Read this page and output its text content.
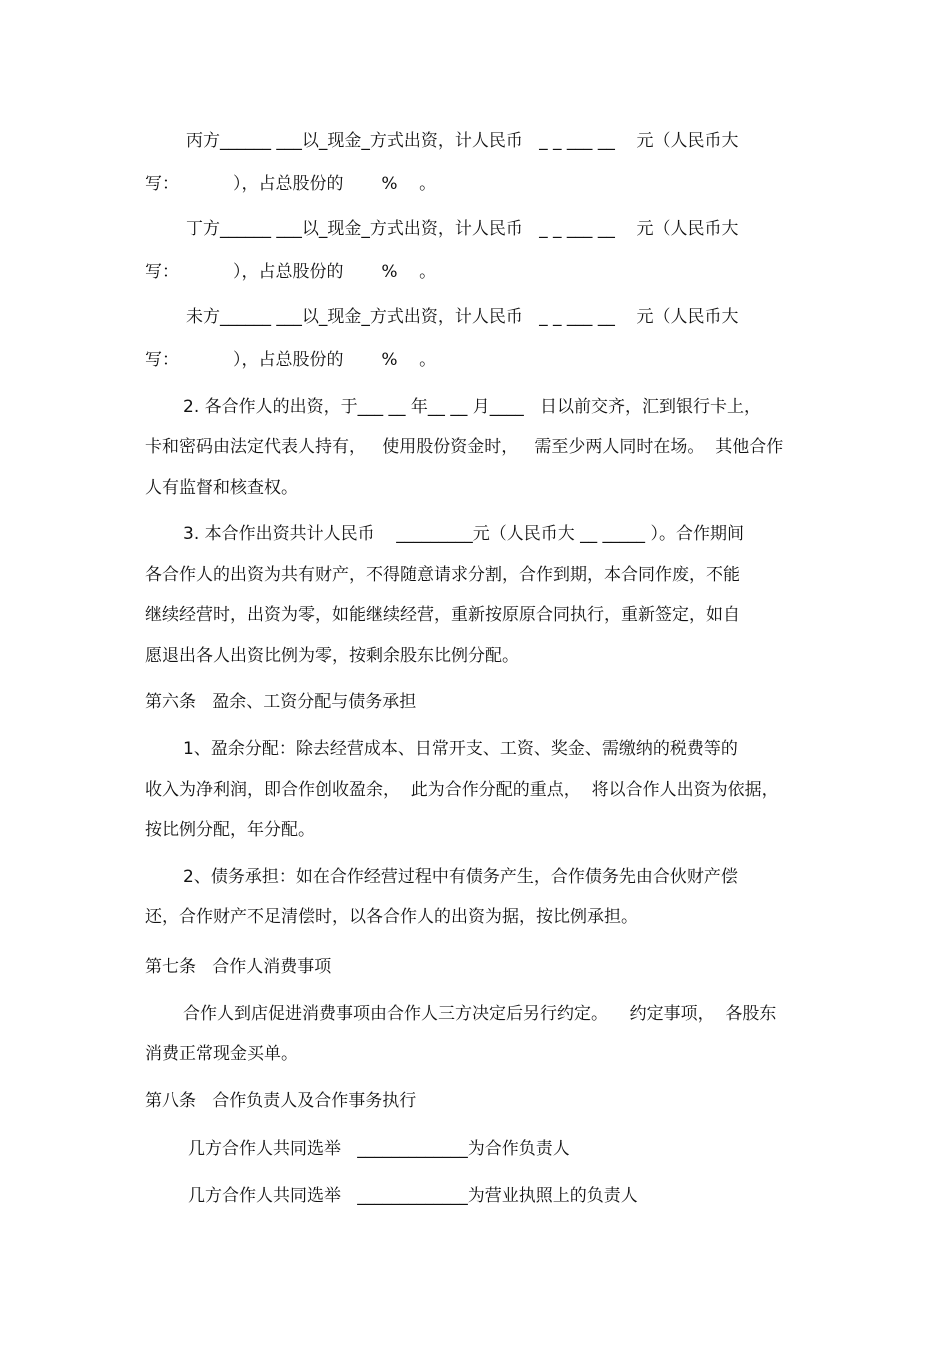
丙方______ ___以_现金_方式出资，计人民币   _ _ ___ __    元（人民币大
写：          ），占总股份的       %    。
丁方______ ___以_现金_方式出资，计人民币   _ _ ___ __    元（人民币大
写：          ），占总股份的       %    。
未方______ ___以_现金_方式出资，计人民币   _ _ ___ __    元（人民币大
写：          ），占总股份的       %    。
2. 各合作人的出资，于___ __ 年__ __ 月____   日以前交齐，汇到银行卡上，
卡和密码由法定代表人持有，   使用股份资金时，   需至少两人同时在场。  其他合作
人有监督和核查权。
3. 本合作出资共计人民币    _________元（人民币大 __ _____ ）。合作期间
各合作人的出资为共有财产，不得随意请求分割，合作到期，本合同作废，不能
继续经营时，出资为零，如能继续经营，重新按原原合同执行，重新签定，如自
愿退出各人出资比例为零，按剩余股东比例分配。
第六条   盈余、工资分配与债务承担
1、盈余分配：除去经营成本、日常开支、工资、奖金、需缴纳的税费等的
收入为净利润，即合作创收盈余，  此为合作分配的重点，  将以合作人出资为依据，
按比例分配，年分配。
2、债务承担：如在合作经营过程中有债务产生，合作债务先由合伙财产偿
还，合作财产不足清偿时，以各合作人的出资为据，按比例承担。
第七条   合作人消费事项
合作人到店促进消费事项由合作人三方决定后另行约定。    约定事项，  各股东
消费正常现金买单。
第八条   合作负责人及合作事务执行
几方合作人共同选举   _____________为合作负责人
几方合作人共同选举   _____________为营业执照上的负责人
